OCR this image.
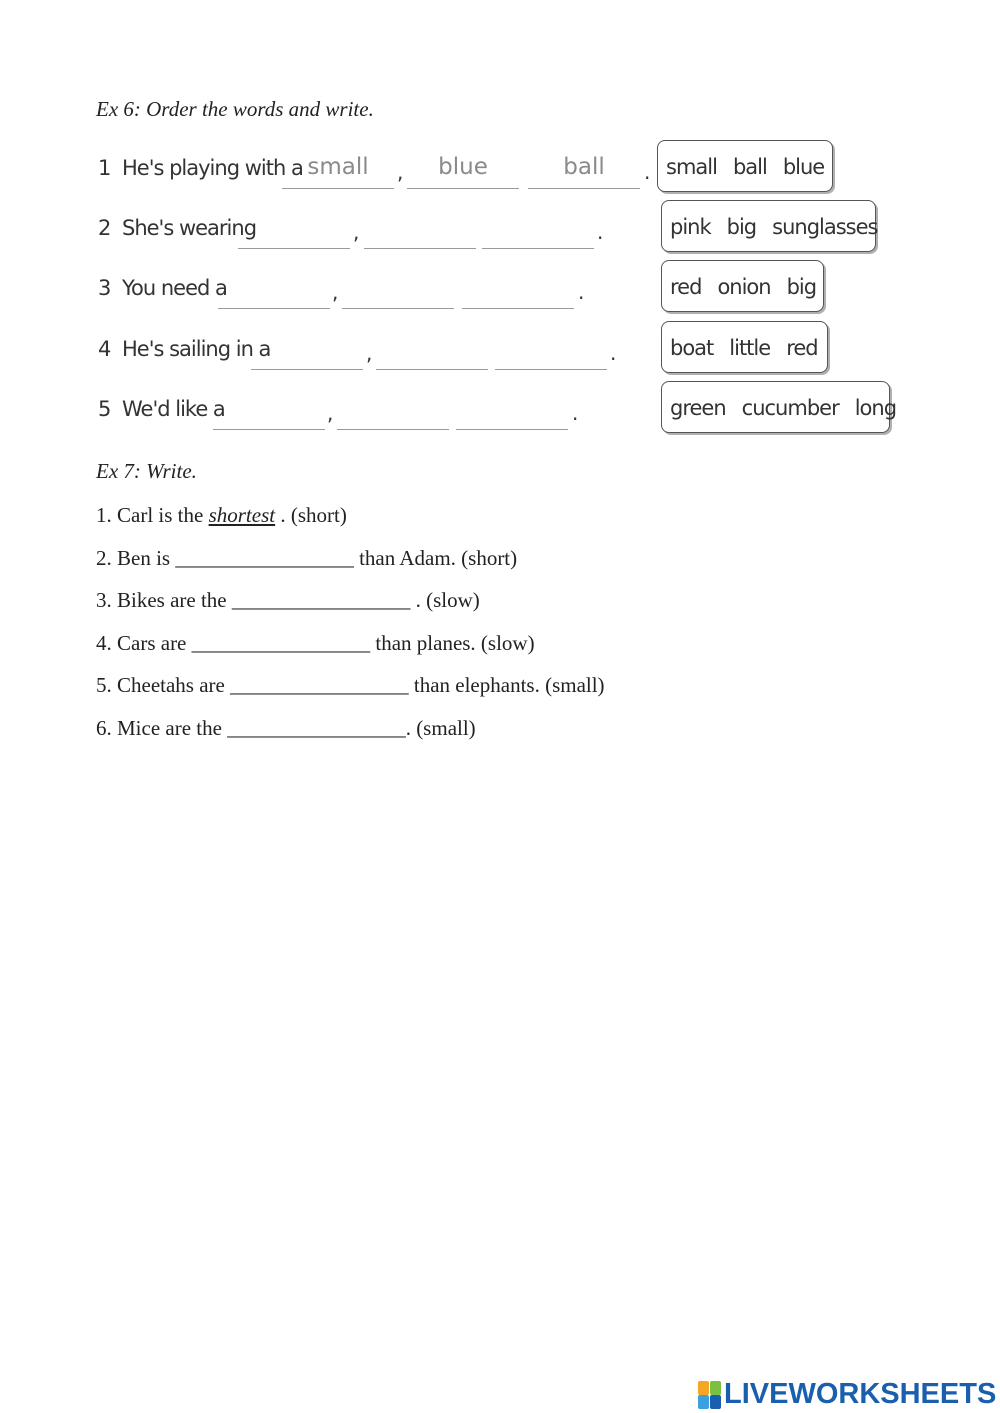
Ex 6: Order the words and write.
1 He's playing with a small	,	blue	ball	. small ball blue
2 She's wearing	,	.	pink big sunglasses
3 You need a	,	.	red onion big
4 He's sailing in a	,	.	boat little red
5 We'd like a	,	.	green cucumber long
Ex 7: Write.
1. Carl is the shortest . (short)
2. Ben is _________________ than Adam. (short)
3. Bikes are the _________________ . (slow)
4. Cars are _________________ than planes. (slow)
5. Cheetahs are _________________ than elephants. (small)
6. Mice are the _________________. (small)
LIVEWORKSHEETS
